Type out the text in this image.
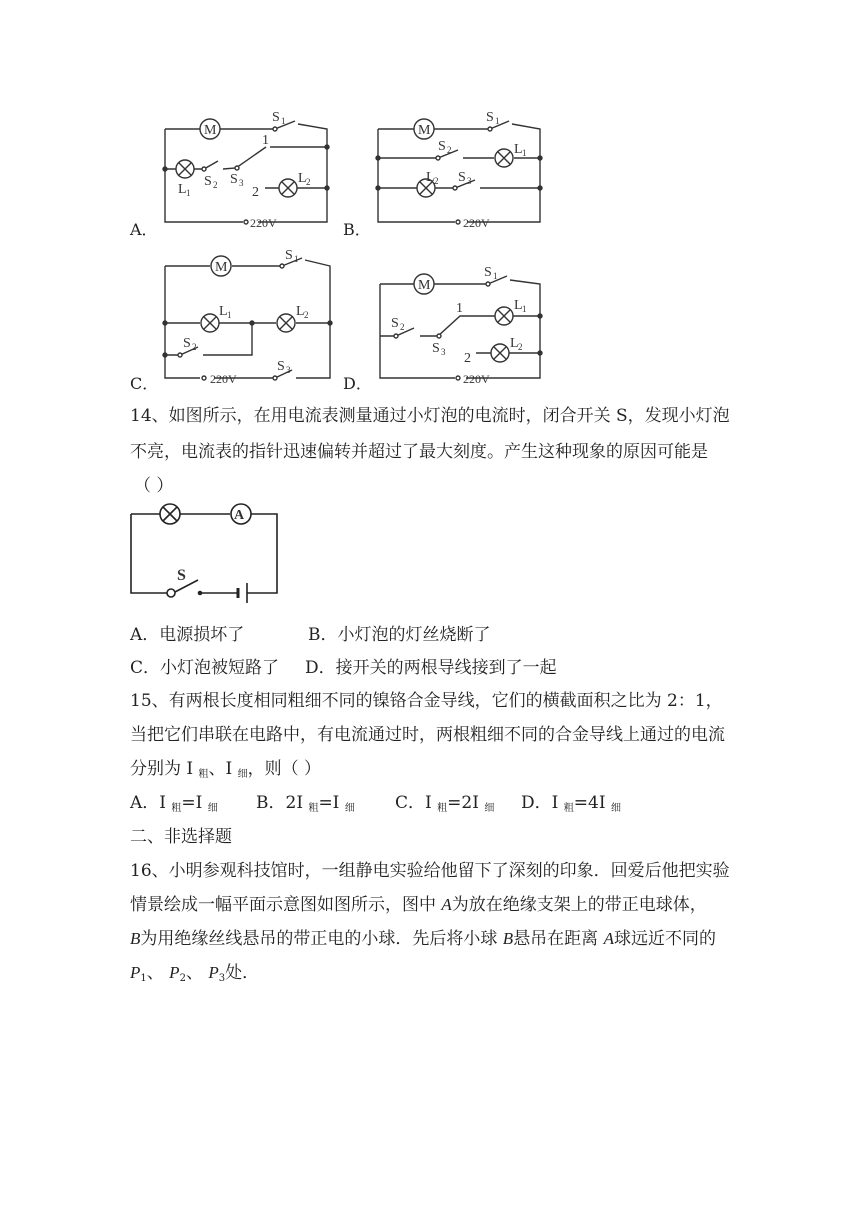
M
S 1
1
L 1
S 2 S 3
2
L 2
220V
A．
M
S 1
S 2	L 1
L 2 S 3
220V
B．
M
S 1
L 1	L 2
S 2
S 3
220V
C．
M
S 1
L 1
1
S 2
S 3 2
L 2
220V
D．
14、如图所示，在用电流表测量通过小灯泡的电流时，闭合开关 S，发现小灯泡
不亮，电流表的指针迅速偏转并超过了最大刻度。产生这种现象的原因可能是
（ ）
A
S
A．电源损坏了	B．小灯泡的灯丝烧断了
C．小灯泡被短路了 D．接开关的两根导线接到了一起
15、有两根长度相同粗细不同的镍铬合金导线，它们的横截面积之比为 2：1，
当把它们串联在电路中，有电流通过时，两根粗细不同的合金导线上通过的电流
分别为 I 粗、I 细，则（ ）
A．I 粗=I 细 B．2I 粗=I 细 C．I 粗=2I 细 D．I 粗=4I 细
二、非选择题
16、小明参观科技馆时，一组静电实验给他留下了深刻的印象．回爱后他把实验
情景绘成一幅平面示意图如图所示，图中 A为放在绝缘支架上的带正电球体，
B为用绝缘丝线悬吊的带正电的小球．先后将小球 B悬吊在距离 A球远近不同的
P1、 P2、 P3处．
